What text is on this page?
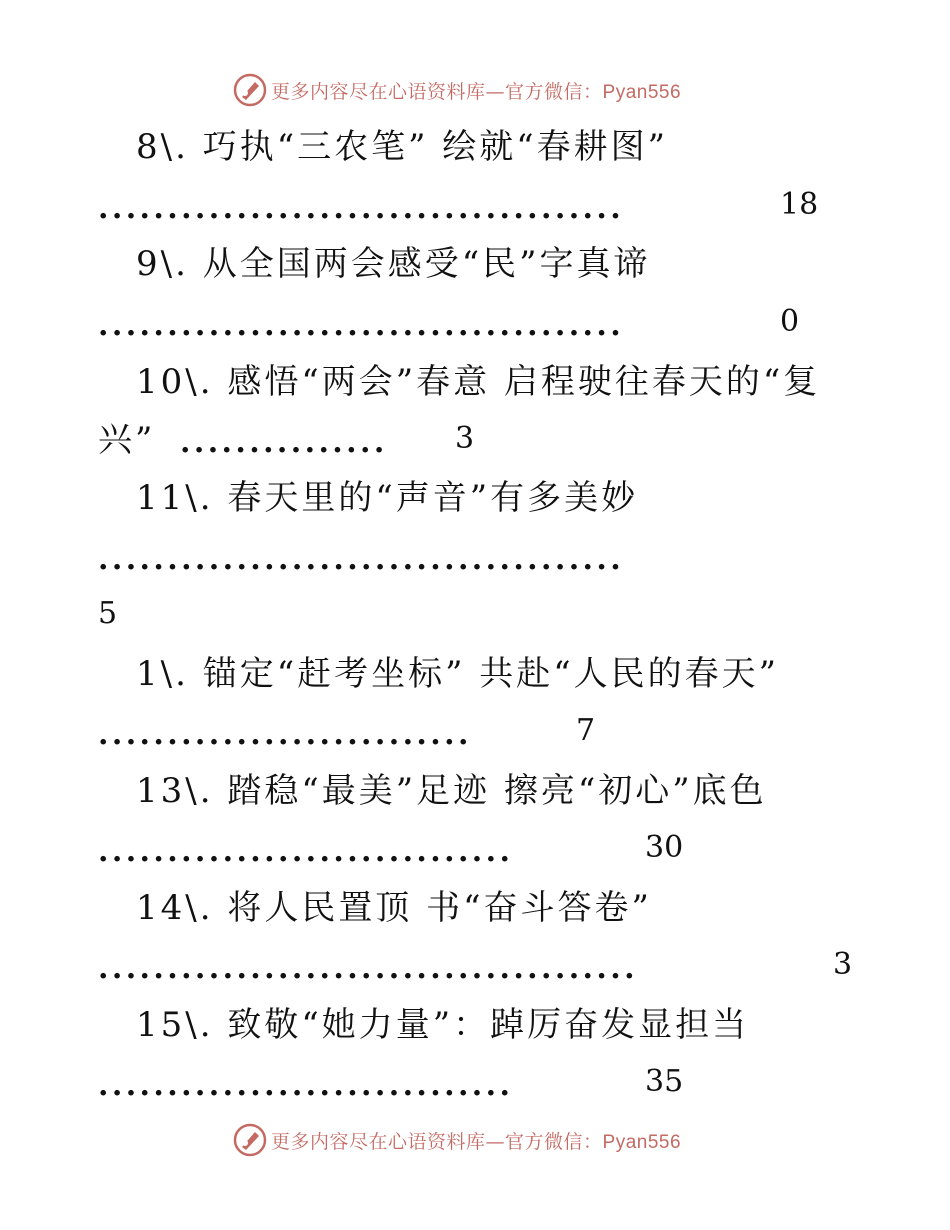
更多内容尽在心语资料库—官方微信：Pyan556
8\. 巧执“三农笔” 绘就“春耕图”
......................................	18
9\. 从全国两会感受“民”字真谛
......................................	0
10\. 感悟“两会”春意 启程驶往春天的“复
兴” ............... 3
11\. 春天里的“声音”有多美妙
......................................
5
1\. 锚定“赶考坐标” 共赴“人民的春天”
...........................	7
13\. 踏稳“最美”足迹 擦亮“初心”底色
..............................	30
14\. 将人民置顶 书“奋斗答卷”
.......................................	3
15\. 致敬“她力量”：踔厉奋发显担当
..............................	35
更多内容尽在心语资料库—官方微信：Pyan556
